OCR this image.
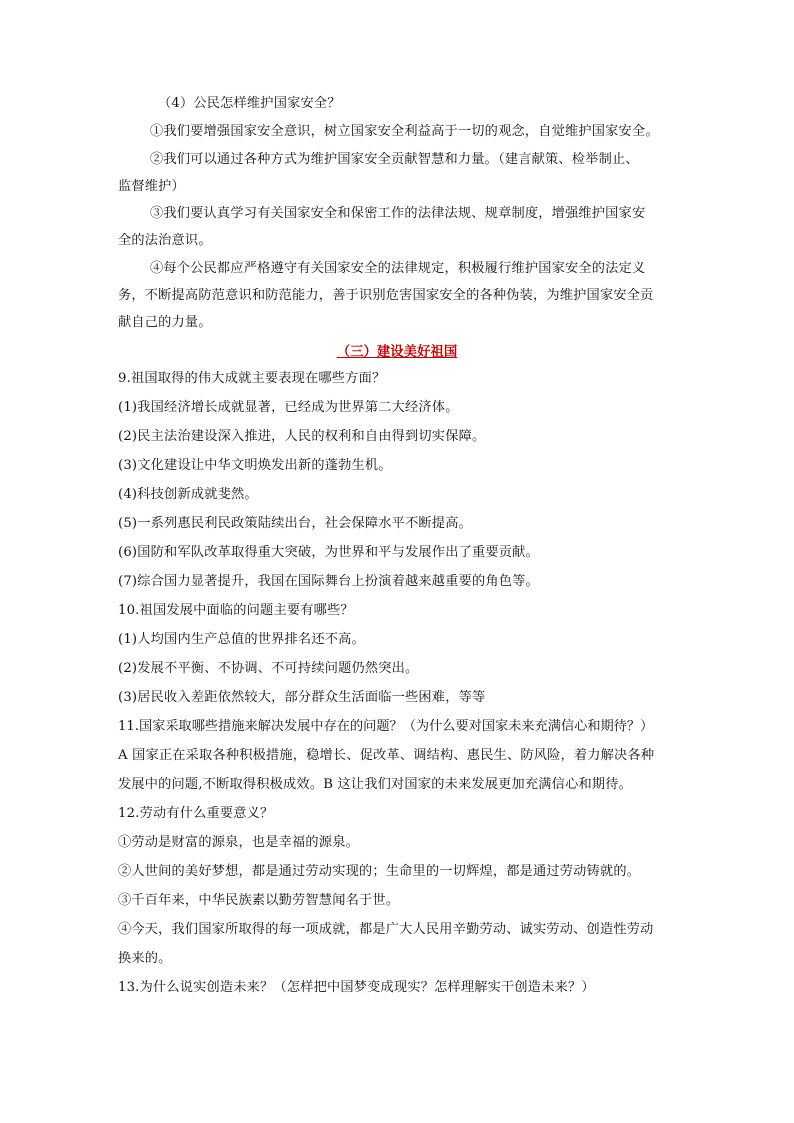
（4）公民怎样维护国家安全？
①我们要增强国家安全意识，树立国家安全利益高于一切的观念，自觉维护国家安全。
②我们可以通过各种方式为维护国家安全贡献智慧和力量。（建言献策、检举制止、
监督维护）
③我们要认真学习有关国家安全和保密工作的法律法规、规章制度，增强维护国家安
全的法治意识。
④每个公民都应严格遵守有关国家安全的法律规定，积极履行维护国家安全的法定义
务，不断提高防范意识和防范能力，善于识别危害国家安全的各种伪装，为维护国家安全贡
献自己的力量。
（三）建设美好祖国
9.祖国取得的伟大成就主要表现在哪些方面？
(1)我国经济增长成就显著，已经成为世界第二大经济体。
(2)民主法治建设深入推进，人民的权利和自由得到切实保障。
(3)文化建设让中华文明焕发出新的蓬勃生机。
(4)科技创新成就斐然。
(5)一系列惠民利民政策陆续出台，社会保障水平不断提高。
(6)国防和军队改革取得重大突破，为世界和平与发展作出了重要贡献。
(7)综合国力显著提升，我国在国际舞台上扮演着越来越重要的角色等。
10.祖国发展中面临的问题主要有哪些？
(1)人均国内生产总值的世界排名还不高。
(2)发展不平衡、不协调、不可持续问题仍然突出。
(3)居民收入差距依然较大，部分群众生活面临一些困难，等等
11.国家采取哪些措施来解决发展中存在的问题？（为什么要对国家未来充满信心和期待？）
A 国家正在采取各种积极措施，稳增长、促改革、调结构、惠民生、防风险，着力解决各种
发展中的问题,不断取得积极成效。B 这让我们对国家的未来发展更加充满信心和期待。
12.劳动有什么重要意义？
①劳动是财富的源泉，也是幸福的源泉。
②人世间的美好梦想，都是通过劳动实现的；生命里的一切辉煌，都是通过劳动铸就的。
③千百年来，中华民族素以勤劳智慧闻名于世。
④今天，我们国家所取得的每一项成就，都是广大人民用辛勤劳动、诚实劳动、创造性劳动
换来的。
13.为什么说实创造未来？（怎样把中国梦变成现实？怎样理解实干创造未来？）
